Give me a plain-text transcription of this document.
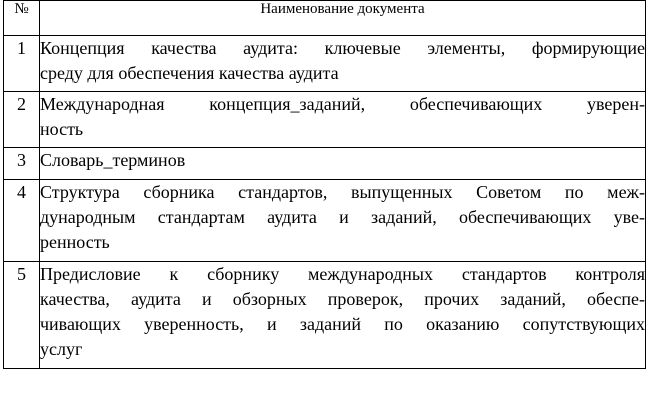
№	Наименование документа
1	Концепция качества аудита: ключевые элементы, формирующие
среду для обеспечения качества аудита

2	Международная концепция_заданий, обеспечивающих уверен-
ность

3	Словарь_терминов

4	Структура сборника стандартов, выпущенных Советом по меж-
дународным стандартам аудита и заданий, обеспечивающих уве-
ренность

5	Предисловие к сборнику международных стандартов контроля
качества, аудита и обзорных проверок, прочих заданий, обеспе-
чивающих уверенность, и заданий по оказанию сопутствующих
услуг
